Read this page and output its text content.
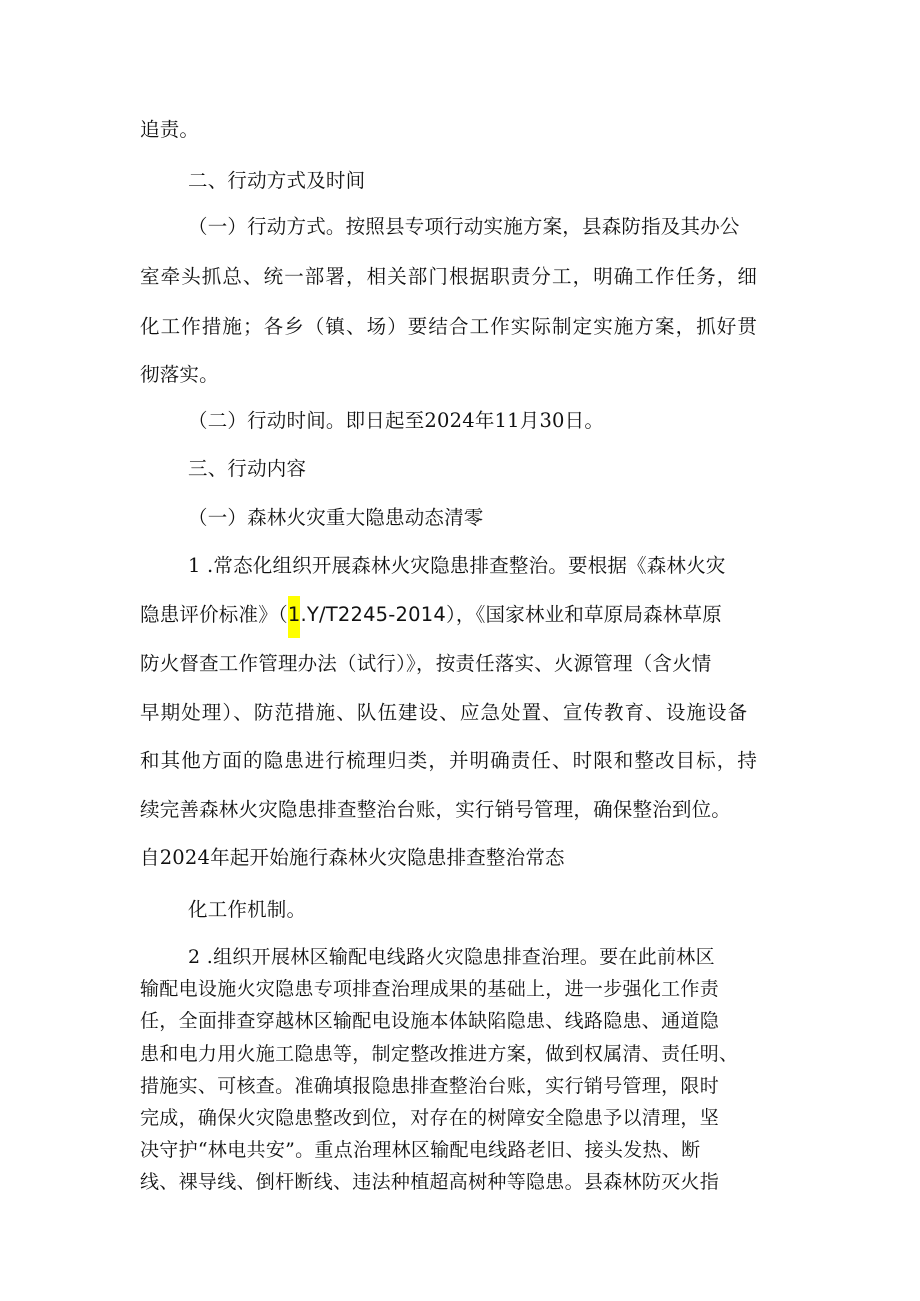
追责。
二、行动方式及时间
（一）行动方式。按照县专项行动实施方案，县森防指及其办公
室牵头抓总、统一部署，相关部门根据职责分工，明确工作任务，细
化工作措施；各乡（镇、场）要结合工作实际制定实施方案，抓好贯
彻落实。
（二）行动时间。即日起至2024年11月30日。
三、行动内容
（一）森林火灾重大隐患动态清零
1 .常态化组织开展森林火灾隐患排查整治。要根据《森林火灾
隐患评价标准》（1.Y/T2245-2014），《国家林业和草原局森林草原
防火督查工作管理办法（试行）》，按责任落实、火源管理（含火情
早期处理）、防范措施、队伍建设、应急处置、宣传教育、设施设备
和其他方面的隐患进行梳理归类，并明确责任、时限和整改目标，持
续完善森林火灾隐患排查整治台账，实行销号管理，确保整治到位。
自2024年起开始施行森林火灾隐患排查整治常态
化工作机制。
2 .组织开展林区输配电线路火灾隐患排查治理。要在此前林区
输配电设施火灾隐患专项排查治理成果的基础上，进一步强化工作责
任，全面排查穿越林区输配电设施本体缺陷隐患、线路隐患、通道隐
患和电力用火施工隐患等，制定整改推进方案，做到权属清、责任明、
措施实、可核查。准确填报隐患排查整治台账，实行销号管理，限时
完成，确保火灾隐患整改到位，对存在的树障安全隐患予以清理，坚
决守护“林电共安”。重点治理林区输配电线路老旧、接头发热、断
线、裸导线、倒杆断线、违法种植超高树种等隐患。县森林防灭火指
